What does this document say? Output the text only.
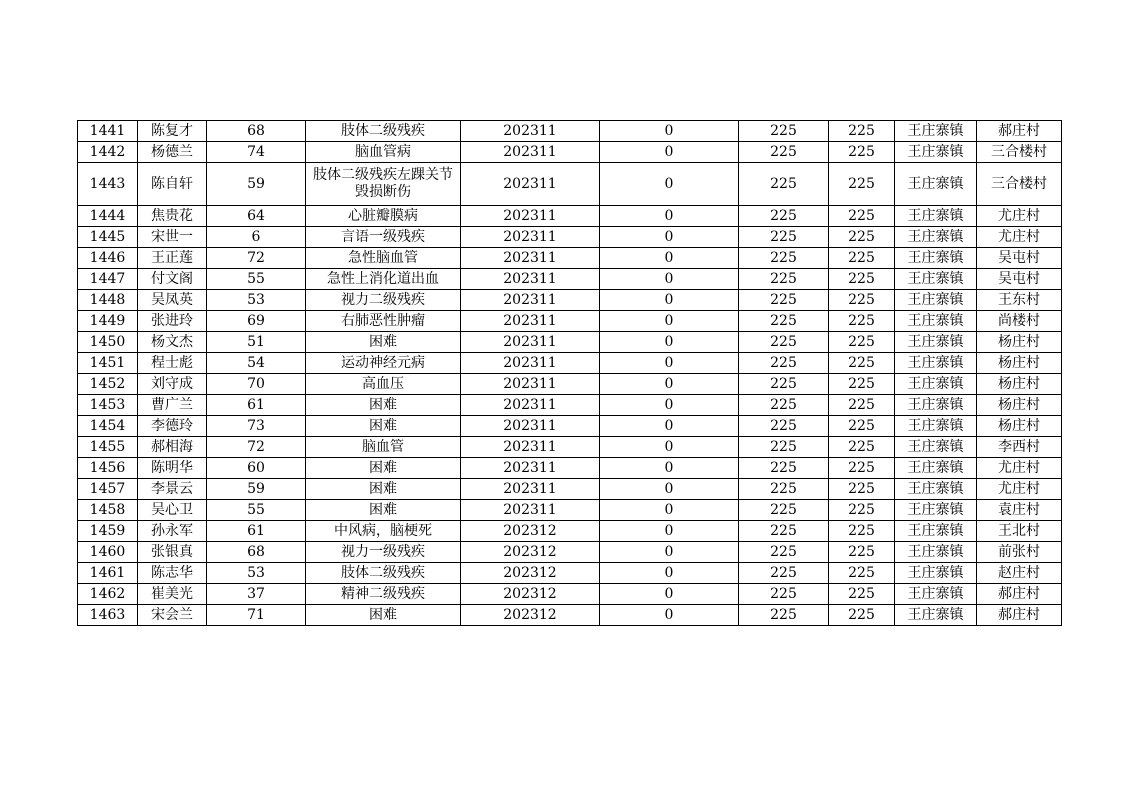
1441	陈复才	68	肢体二级残疾	202311	0	225	225	王庄寨镇	郝庄村
1442	杨德兰	74	脑血管病	202311	0	225	225	王庄寨镇	三合楼村
1443	陈自轩	59	肢体二级残疾左踝关节毁损断伤	202311	0	225	225	王庄寨镇	三合楼村
1444	焦贵花	64	心脏瓣膜病	202311	0	225	225	王庄寨镇	尤庄村
1445	宋世一	6	言语一级残疾	202311	0	225	225	王庄寨镇	尤庄村
1446	王正莲	72	急性脑血管	202311	0	225	225	王庄寨镇	吴屯村
1447	付文阁	55	急性上消化道出血	202311	0	225	225	王庄寨镇	吴屯村
1448	吴凤英	53	视力二级残疾	202311	0	225	225	王庄寨镇	王东村
1449	张进玲	69	右肺恶性肿瘤	202311	0	225	225	王庄寨镇	尚楼村
1450	杨文杰	51	困难	202311	0	225	225	王庄寨镇	杨庄村
1451	程士彪	54	运动神经元病	202311	0	225	225	王庄寨镇	杨庄村
1452	刘守成	70	高血压	202311	0	225	225	王庄寨镇	杨庄村
1453	曹广兰	61	困难	202311	0	225	225	王庄寨镇	杨庄村
1454	李德玲	73	困难	202311	0	225	225	王庄寨镇	杨庄村
1455	郝相海	72	脑血管	202311	0	225	225	王庄寨镇	李西村
1456	陈明华	60	困难	202311	0	225	225	王庄寨镇	尤庄村
1457	李景云	59	困难	202311	0	225	225	王庄寨镇	尤庄村
1458	吴心卫	55	困难	202311	0	225	225	王庄寨镇	袁庄村
1459	孙永军	61	中风病，脑梗死	202312	0	225	225	王庄寨镇	王北村
1460	张银真	68	视力一级残疾	202312	0	225	225	王庄寨镇	前张村
1461	陈志华	53	肢体二级残疾	202312	0	225	225	王庄寨镇	赵庄村
1462	崔美光	37	精神二级残疾	202312	0	225	225	王庄寨镇	郝庄村
1463	宋会兰	71	困难	202312	0	225	225	王庄寨镇	郝庄村
